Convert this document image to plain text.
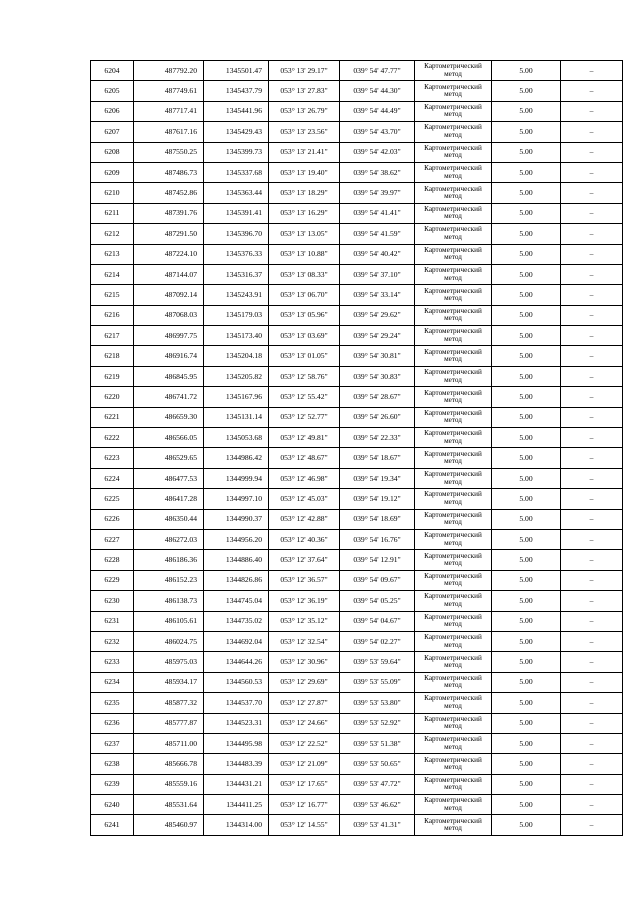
6204	487792.20	1345501.47	053° 13' 29.17"	039° 54' 47.77"	Картометрический метод	5.00	–
6205	487749.61	1345437.79	053° 13' 27.83"	039° 54' 44.30"	Картометрический метод	5.00	–
6206	487717.41	1345441.96	053° 13' 26.79"	039° 54' 44.49"	Картометрический метод	5.00	–
6207	487617.16	1345429.43	053° 13' 23.56"	039° 54' 43.70"	Картометрический метод	5.00	–
6208	487550.25	1345399.73	053° 13' 21.41"	039° 54' 42.03"	Картометрический метод	5.00	–
6209	487486.73	1345337.68	053° 13' 19.40"	039° 54' 38.62"	Картометрический метод	5.00	–
6210	487452.86	1345363.44	053° 13' 18.29"	039° 54' 39.97"	Картометрический метод	5.00	–
6211	487391.76	1345391.41	053° 13' 16.29"	039° 54' 41.41"	Картометрический метод	5.00	–
6212	487291.50	1345396.70	053° 13' 13.05"	039° 54' 41.59"	Картометрический метод	5.00	–
6213	487224.10	1345376.33	053° 13' 10.88"	039° 54' 40.42"	Картометрический метод	5.00	–
6214	487144.07	1345316.37	053° 13' 08.33"	039° 54' 37.10"	Картометрический метод	5.00	–
6215	487092.14	1345243.91	053° 13' 06.70"	039° 54' 33.14"	Картометрический метод	5.00	–
6216	487068.03	1345179.03	053° 13' 05.96"	039° 54' 29.62"	Картометрический метод	5.00	–
6217	486997.75	1345173.40	053° 13' 03.69"	039° 54' 29.24"	Картометрический метод	5.00	–
6218	486916.74	1345204.18	053° 13' 01.05"	039° 54' 30.81"	Картометрический метод	5.00	–
6219	486845.95	1345205.82	053° 12' 58.76"	039° 54' 30.83"	Картометрический метод	5.00	–
6220	486741.72	1345167.96	053° 12' 55.42"	039° 54' 28.67"	Картометрический метод	5.00	–
6221	486659.30	1345131.14	053° 12' 52.77"	039° 54' 26.60"	Картометрический метод	5.00	–
6222	486566.05	1345053.68	053° 12' 49.81"	039° 54' 22.33"	Картометрический метод	5.00	–
6223	486529.65	1344986.42	053° 12' 48.67"	039° 54' 18.67"	Картометрический метод	5.00	–
6224	486477.53	1344999.94	053° 12' 46.98"	039° 54' 19.34"	Картометрический метод	5.00	–
6225	486417.28	1344997.10	053° 12' 45.03"	039° 54' 19.12"	Картометрический метод	5.00	–
6226	486350.44	1344990.37	053° 12' 42.88"	039° 54' 18.69"	Картометрический метод	5.00	–
6227	486272.03	1344956.20	053° 12' 40.36"	039° 54' 16.76"	Картометрический метод	5.00	–
6228	486186.36	1344886.40	053° 12' 37.64"	039° 54' 12.91"	Картометрический метод	5.00	–
6229	486152.23	1344826.86	053° 12' 36.57"	039° 54' 09.67"	Картометрический метод	5.00	–
6230	486138.73	1344745.04	053° 12' 36.19"	039° 54' 05.25"	Картометрический метод	5.00	–
6231	486105.61	1344735.02	053° 12' 35.12"	039° 54' 04.67"	Картометрический метод	5.00	–
6232	486024.75	1344692.04	053° 12' 32.54"	039° 54' 02.27"	Картометрический метод	5.00	–
6233	485975.03	1344644.26	053° 12' 30.96"	039° 53' 59.64"	Картометрический метод	5.00	–
6234	485934.17	1344560.53	053° 12' 29.69"	039° 53' 55.09"	Картометрический метод	5.00	–
6235	485877.32	1344537.70	053° 12' 27.87"	039° 53' 53.80"	Картометрический метод	5.00	–
6236	485777.87	1344523.31	053° 12' 24.66"	039° 53' 52.92"	Картометрический метод	5.00	–
6237	485711.00	1344495.98	053° 12' 22.52"	039° 53' 51.38"	Картометрический метод	5.00	–
6238	485666.78	1344483.39	053° 12' 21.09"	039° 53' 50.65"	Картометрический метод	5.00	–
6239	485559.16	1344431.21	053° 12' 17.65"	039° 53' 47.72"	Картометрический метод	5.00	–
6240	485531.64	1344411.25	053° 12' 16.77"	039° 53' 46.62"	Картометрический метод	5.00	–
6241	485460.97	1344314.00	053° 12' 14.55"	039° 53' 41.31"	Картометрический метод	5.00	–
